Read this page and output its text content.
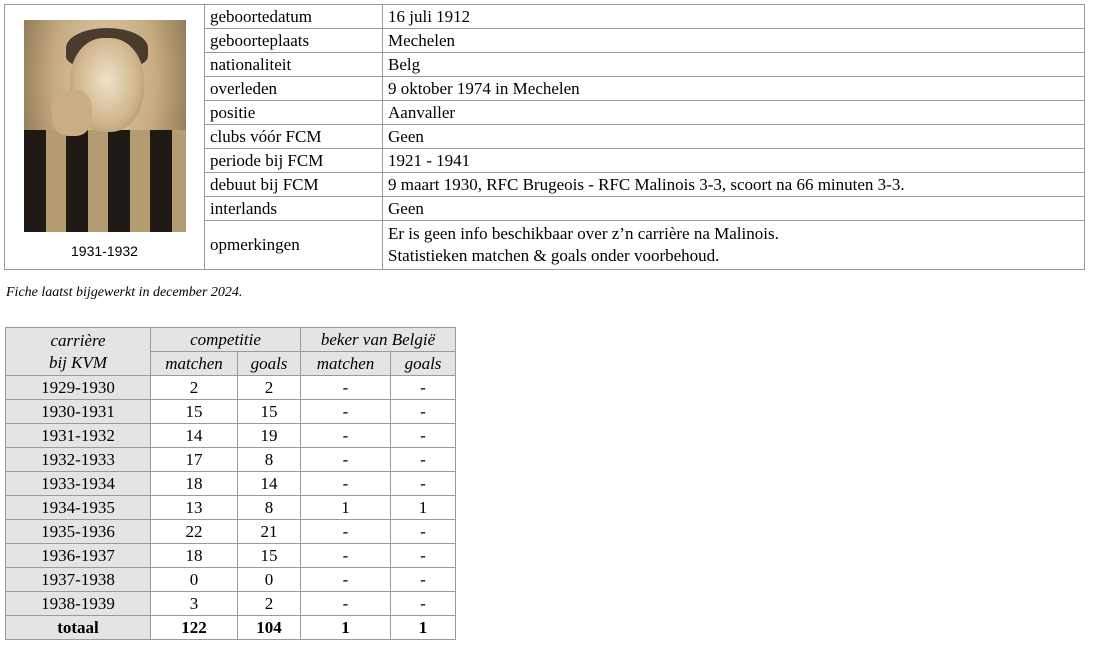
1931-1932	geboortedatum	16 juli 1912
	geboorteplaats	Mechelen
	nationaliteit	Belg
	overleden	9 oktober 1974 in Mechelen
	positie	Aanvaller
	clubs vóór FCM	Geen
	periode bij FCM	1921 - 1941
	debuut bij FCM	9 maart 1930, RFC Brugeois - RFC Malinois 3-3, scoort na 66 minuten 3-3.
	interlands	Geen
	opmerkingen	Er is geen info beschikbaar over z’n carrière na Malinois.
Statistieken matchen & goals onder voorbehoud.
Fiche laatst bijgewerkt in december 2024.
carrière
bij KVM	competitie		beker van België	
	matchen	goals	matchen	goals
1929-1930	2	2	-	-
1930-1931	15	15	-	-
1931-1932	14	19	-	-
1932-1933	17	8	-	-
1933-1934	18	14	-	-
1934-1935	13	8	1	1
1935-1936	22	21	-	-
1936-1937	18	15	-	-
1937-1938	0	0	-	-
1938-1939	3	2	-	-
totaal	122	104	1	1
